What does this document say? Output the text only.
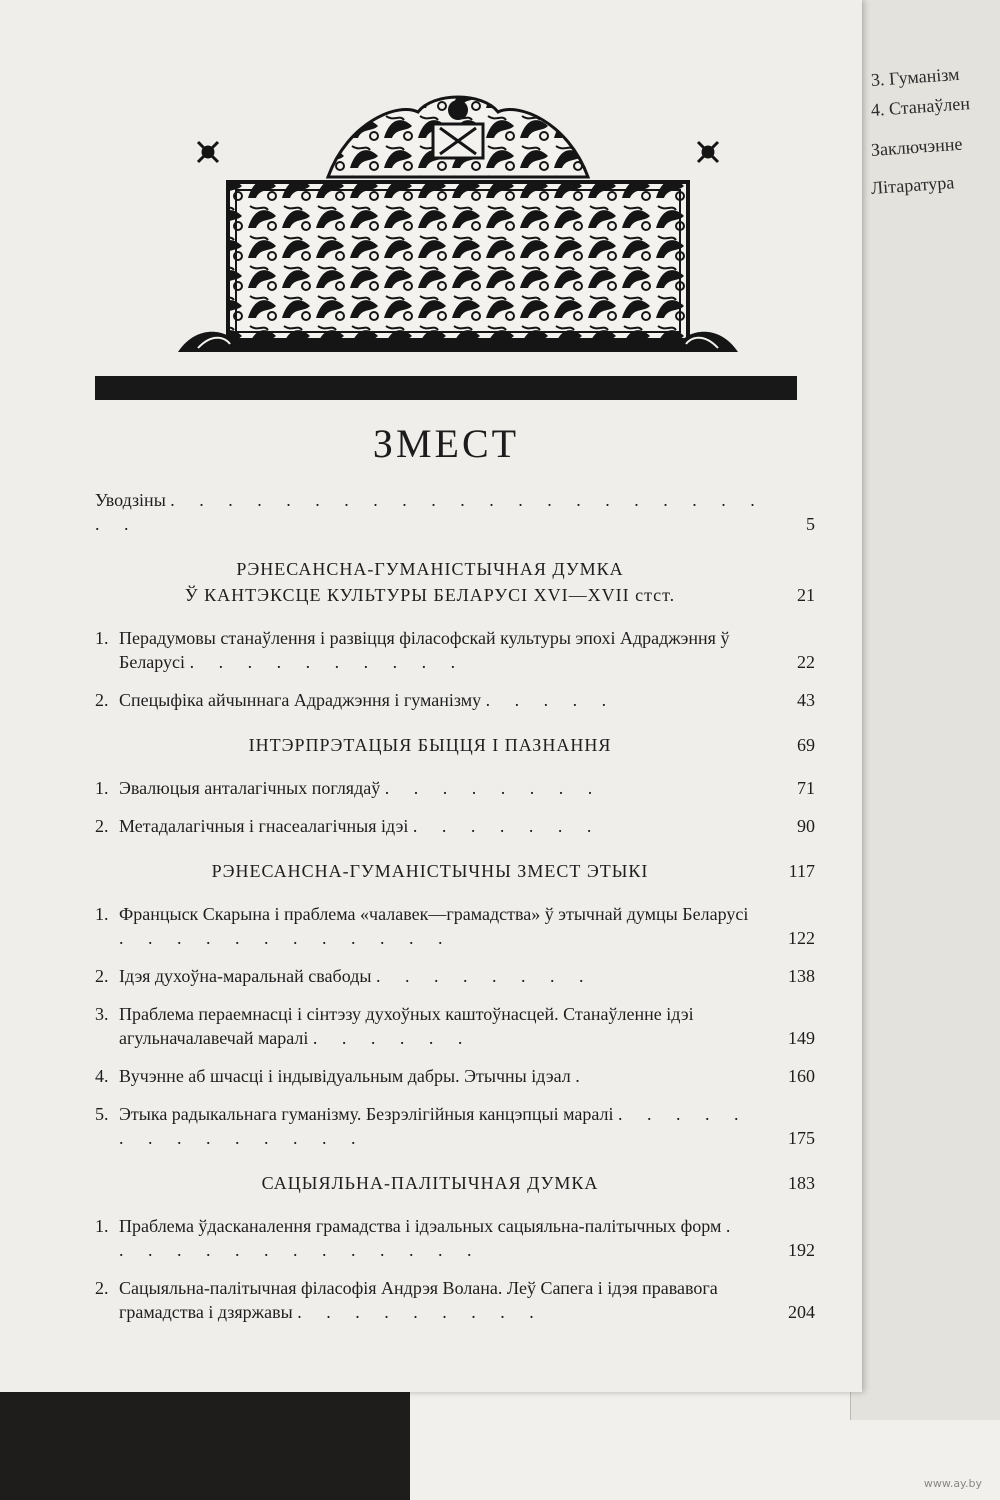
3. Гуманізм
4. Станаўлен
Заключэнне
Літаратура
ЗМЕСТ
Уводзіны . . . . . . . . . . . . . . . . . . . . . . .	5
РЭНЕСАНСНА-ГУМАНІСТЫЧНАЯ ДУМКА
Ў КАНТЭКСЦЕ КУЛЬТУРЫ БЕЛАРУСІ XVI—XVII стст.	21
1. Перадумовы станаўлення і развіцця філасофскай культуры эпохі Адраджэння ў Беларусі . . . . . . . . . .	22
2. Спецыфіка айчыннага Адраджэння і гуманізму . . . . .	43
ІНТЭРПРЭТАЦЫЯ БЫЦЦЯ І ПАЗНАННЯ	69
1. Эвалюцыя анталагічных поглядаў . . . . . . . .	71
2. Метадалагічныя і гнасеалагічныя ідэі . . . . . . .	90
РЭНЕСАНСНА-ГУМАНІСТЫЧНЫ ЗМЕСТ ЭТЫКІ	117
1. Францыск Скарына і праблема «чалавек—грамадства» ў этычнай думцы Беларусі . . . . . . . . . . . .	122
2. Ідэя духоўна-маральнай свабоды . . . . . . . .	138
3. Праблема пераемнасці і сінтэзу духоўных каштоўнасцей. Станаўленне ідэі агульначалавечай маралі . . . . . .	149
4. Вучэнне аб шчасці і індывідуальным дабры. Этычны ідэал .	160
5. Этыка радыкальнага гуманізму. Безрэлігійныя канцэпцыі маралі . . . . . . . . . . . . . .	175
САЦЫЯЛЬНА-ПАЛІТЫЧНАЯ ДУМКА	183
1. Праблема ўдасканалення грамадства і ідэальных сацыяльна-палітычных форм . . . . . . . . . . . . . .	192
2. Сацыяльна-палітычная філасофія Андрэя Волана. Леў Сапега і ідэя прававога грамадства і дзяржавы . . . . . . . . .	204
www.ay.by
